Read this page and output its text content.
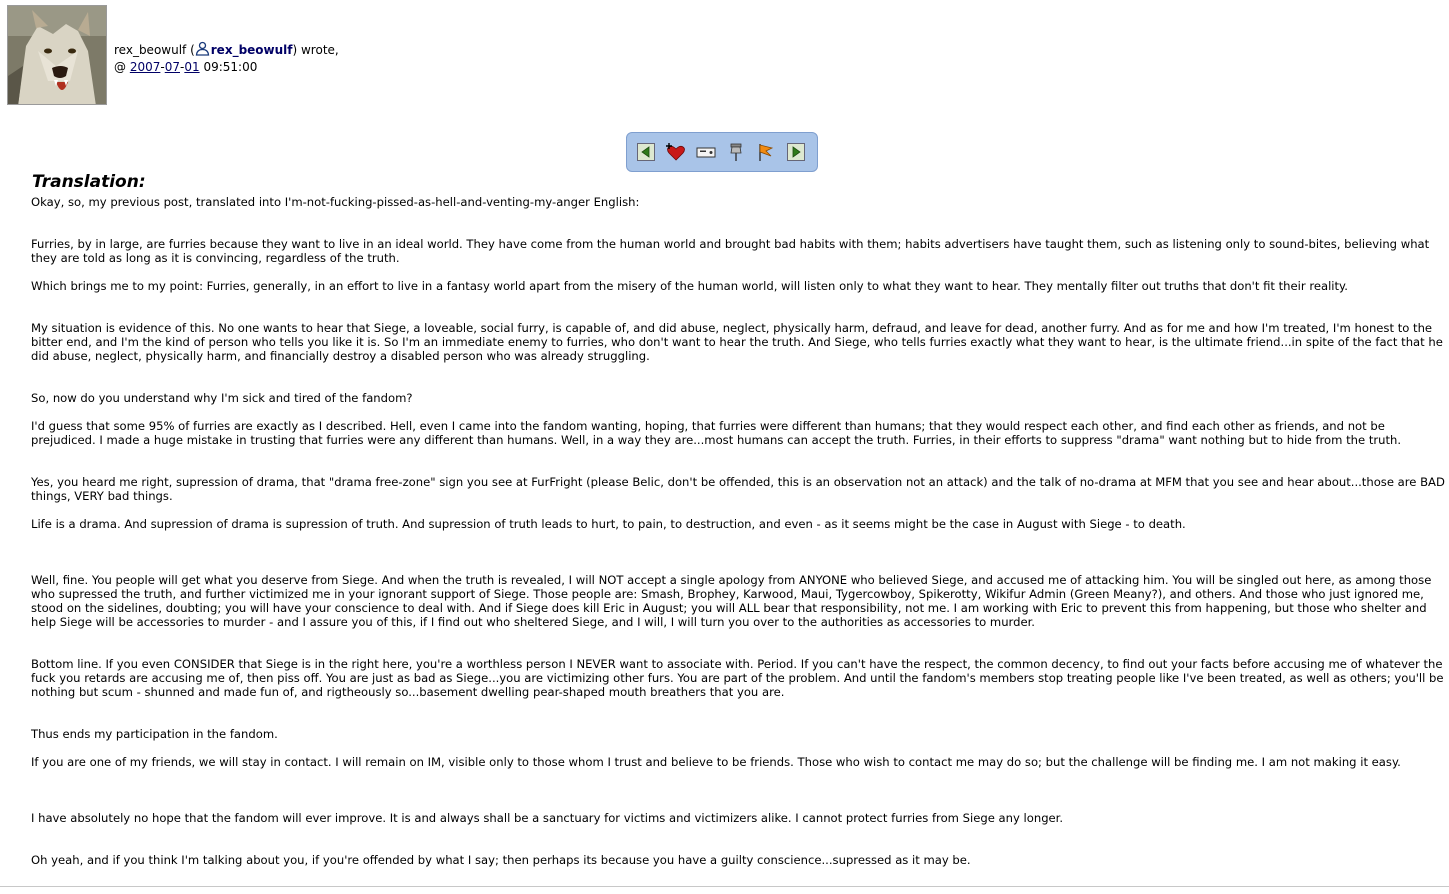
rex_beowulf ( rex_beowulf) wrote,
@ 2007-07-01 09:51:00
Translation:
Okay, so, my previous post, translated into I'm-not-fucking-pissed-as-hell-and-venting-my-anger English:
Furries, by in large, are furries because they want to live in an ideal world. They have come from the human world and brought bad habits with them; habits advertisers have taught them, such as listening only to sound-bites, believing what they are told as long as it is convincing, regardless of the truth.
Which brings me to my point: Furries, generally, in an effort to live in a fantasy world apart from the misery of the human world, will listen only to what they want to hear. They mentally filter out truths that don't fit their reality.
My situation is evidence of this. No one wants to hear that Siege, a loveable, social furry, is capable of, and did abuse, neglect, physically harm, defraud, and leave for dead, another furry. And as for me and how I'm treated, I'm honest to the bitter end, and I'm the kind of person who tells you like it is. So I'm an immediate enemy to furries, who don't want to hear the truth. And Siege, who tells furries exactly what they want to hear, is the ultimate friend...in spite of the fact that he did abuse, neglect, physically harm, and financially destroy a disabled person who was already struggling.
So, now do you understand why I'm sick and tired of the fandom?
I'd guess that some 95% of furries are exactly as I described. Hell, even I came into the fandom wanting, hoping, that furries were different than humans; that they would respect each other, and find each other as friends, and not be prejudiced. I made a huge mistake in trusting that furries were any different than humans. Well, in a way they are...most humans can accept the truth. Furries, in their efforts to suppress "drama" want nothing but to hide from the truth.
Yes, you heard me right, supression of drama, that "drama free-zone" sign you see at FurFright (please Belic, don't be offended, this is an observation not an attack) and the talk of no-drama at MFM that you see and hear about...those are BAD things, VERY bad things.
Life is a drama. And supression of drama is supression of truth. And supression of truth leads to hurt, to pain, to destruction, and even - as it seems might be the case in August with Siege - to death.
Well, fine. You people will get what you deserve from Siege. And when the truth is revealed, I will NOT accept a single apology from ANYONE who believed Siege, and accused me of attacking him. You will be singled out here, as among those who supressed the truth, and further victimized me in your ignorant support of Siege. Those people are: Smash, Brophey, Karwood, Maui, Tygercowboy, Spikerotty, Wikifur Admin (Green Meany?), and others. And those who just ignored me, stood on the sidelines, doubting; you will have your conscience to deal with. And if Siege does kill Eric in August; you will ALL bear that responsibility, not me. I am working with Eric to prevent this from happening, but those who shelter and help Siege will be accessories to murder - and I assure you of this, if I find out who sheltered Siege, and I will, I will turn you over to the authorities as accessories to murder.
Bottom line. If you even CONSIDER that Siege is in the right here, you're a worthless person I NEVER want to associate with. Period. If you can't have the respect, the common decency, to find out your facts before accusing me of whatever the fuck you retards are accusing me of, then piss off. You are just as bad as Siege...you are victimizing other furs. You are part of the problem. And until the fandom's members stop treating people like I've been treated, as well as others; you'll be nothing but scum - shunned and made fun of, and rigtheously so...basement dwelling pear-shaped mouth breathers that you are.
Thus ends my participation in the fandom.
If you are one of my friends, we will stay in contact. I will remain on IM, visible only to those whom I trust and believe to be friends. Those who wish to contact me may do so; but the challenge will be finding me. I am not making it easy.
I have absolutely no hope that the fandom will ever improve. It is and always shall be a sanctuary for victims and victimizers alike. I cannot protect furries from Siege any longer.
Oh yeah, and if you think I'm talking about you, if you're offended by what I say; then perhaps its because you have a guilty conscience...supressed as it may be.
